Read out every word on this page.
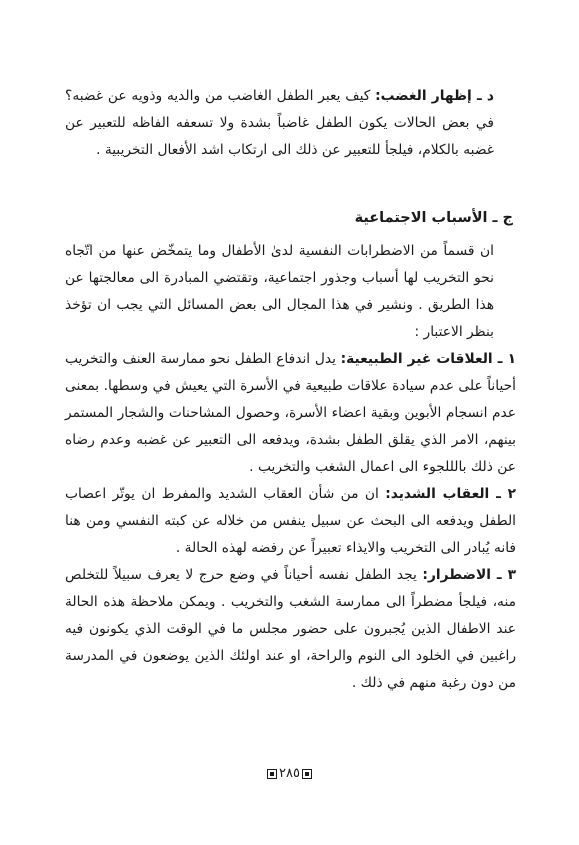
د ـ إظهار الغضب: كيف يعبر الطفل الغاضب من والديه وذويه عن غضبه؟ في بعض الحالات يكون الطفل غاضباً بشدة ولا تسعفه الفاظه للتعبير عن غضبه بالكلام، فيلجأ للتعبير عن ذلك الى ارتكاب اشد الأفعال التخريبية .

ج ـ الأسباب الاجتماعية

ان قسماً من الاضطرابات النفسية لدىٰ الأطفال وما يتمخّض عنها من اتّجاه نحو التخريب لها أسباب وجذور اجتماعية، وتقتضي المبادرة الى معالجتها عن هذا الطريق . ونشير في هذا المجال الى بعض المسائل التي يجب ان تؤخذ بنظر الاعتبار :

١ ـ العلاقات غير الطبيعية: يدل اندفاع الطفل نحو ممارسة العنف والتخريب أحياناً على عدم سيادة علاقات طبيعية في الأسرة التي يعيش في وسطها. بمعنى عدم انسجام الأبوين وبقية اعضاء الأسرة، وحصول المشاحنات والشجار المستمر بينهم، الامر الذي يقلق الطفل بشدة، ويدفعه الى التعبير عن غضبه وعدم رضاه عن ذلك بالللجوء الى اعمال الشغب والتخريب .

٢ ـ العقاب الشديد: ان من شأن العقاب الشديد والمفرط ان يوتّر اعصاب الطفل ويدفعه الى البحث عن سبيل ينفس من خلاله عن كبته النفسي ومن هنا فانه يُبادر الى التخريب والايذاء تعبيراً عن رفضه لهذه الحالة .

٣ ـ الاضطرار: يجد الطفل نفسه أحياناً في وضع حرج لا يعرف سبيلاً للتخلص منه، فيلجأ مضطراً الى ممارسة الشغب والتخريب . ويمكن ملاحظة هذه الحالة عند الاطفال الذين يُجبرون على حضور مجلس ما في الوقت الذي يكونون فيه راغبين في الخلود الى النوم والراحة، او عند اولئك الذين يوضعون في المدرسة من دون رغبة منهم في ذلك .

٢٨٥
